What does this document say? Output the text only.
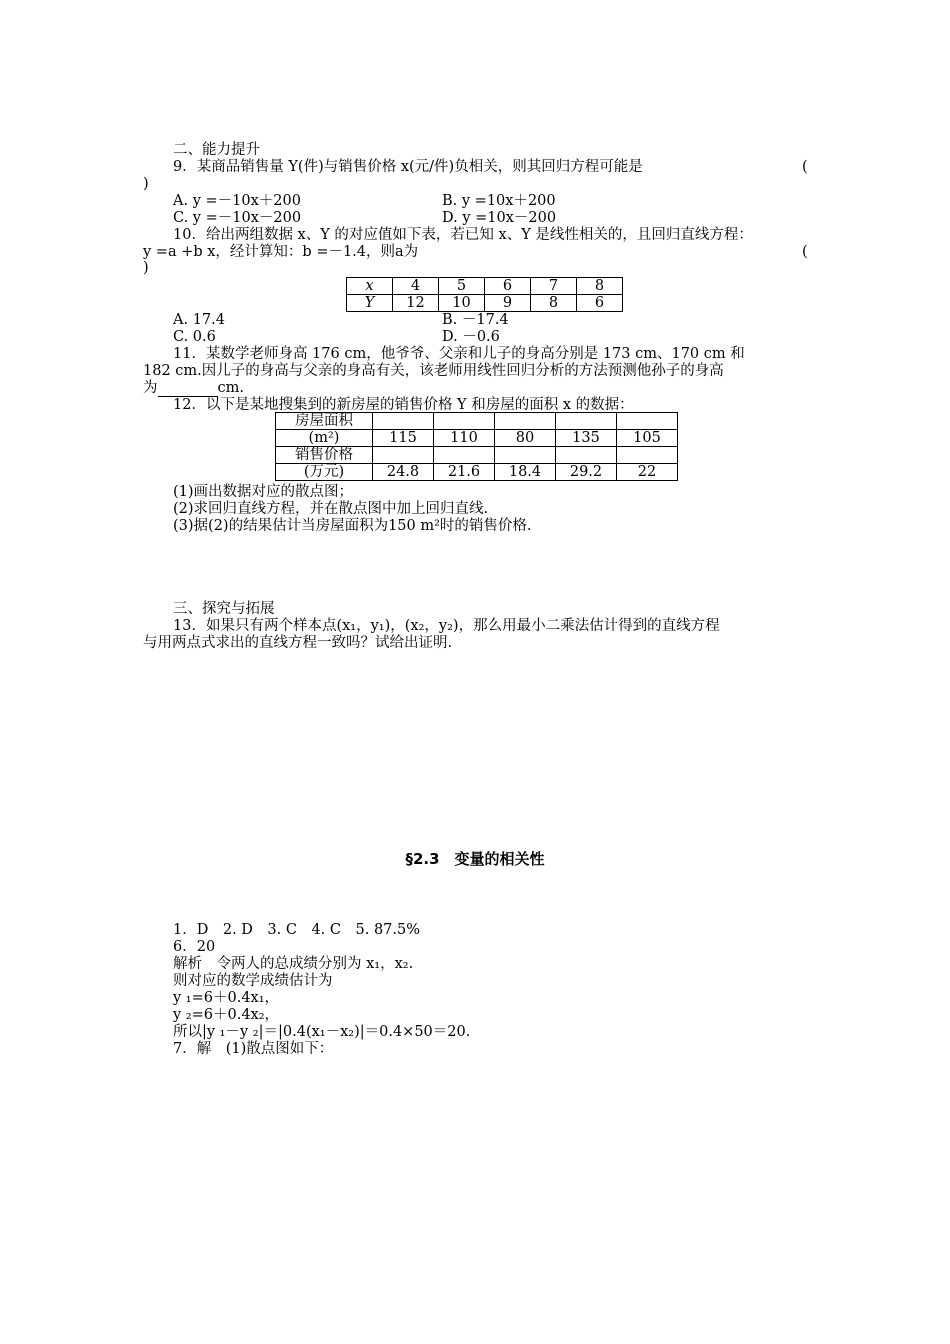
二、能力提升
9．某商品销售量 Y(件)与销售价格 x(元/件)负相关，则其回归方程可能是	(
)
A. y =－10x＋200	B. y =10x＋200
C. y =－10x－200	D. y =10x－200
10．给出两组数据 x、Y 的对应值如下表，若已知 x、Y 是线性相关的，且回归直线方程：
y =a +b x，经计算知：b =－1.4，则a为	(
)
x	4	5	6	7	8
Y	12	10	9	8	6
A. 17.4	B. －17.4
C. 0.6	D. －0.6
11．某数学老师身高 176 cm，他爷爷、父亲和儿子的身高分别是 173 cm、170 cm 和
182 cm.因儿子的身高与父亲的身高有关，该老师用线性回归分析的方法预测他孙子的身高
为	cm.
12．以下是某地搜集到的新房屋的销售价格 Y 和房屋的面积 x 的数据：
房屋面积					
(m²)	115	110	80	135	105
销售价格					
(万元)	24.8	21.6	18.4	29.2	22
(1)画出数据对应的散点图；
(2)求回归直线方程，并在散点图中加上回归直线.
(3)据(2)的结果估计当房屋面积为150 m²时的销售价格.
三、探究与拓展
13．如果只有两个样本点(x₁，y₁)，(x₂，y₂)，那么用最小二乘法估计得到的直线方程
与用两点式求出的直线方程一致吗？试给出证明.
§2.3　变量的相关性
1．D　2. D　3. C　4. C　5. 87.5%
6．20
解析　令两人的总成绩分别为 x₁，x₂.
则对应的数学成绩估计为
y ₁=6＋0.4x₁，
y ₂=6＋0.4x₂，
所以|y ₁－y ₂|＝|0.4(x₁－x₂)|＝0.4×50＝20.
7．解　(1)散点图如下：
